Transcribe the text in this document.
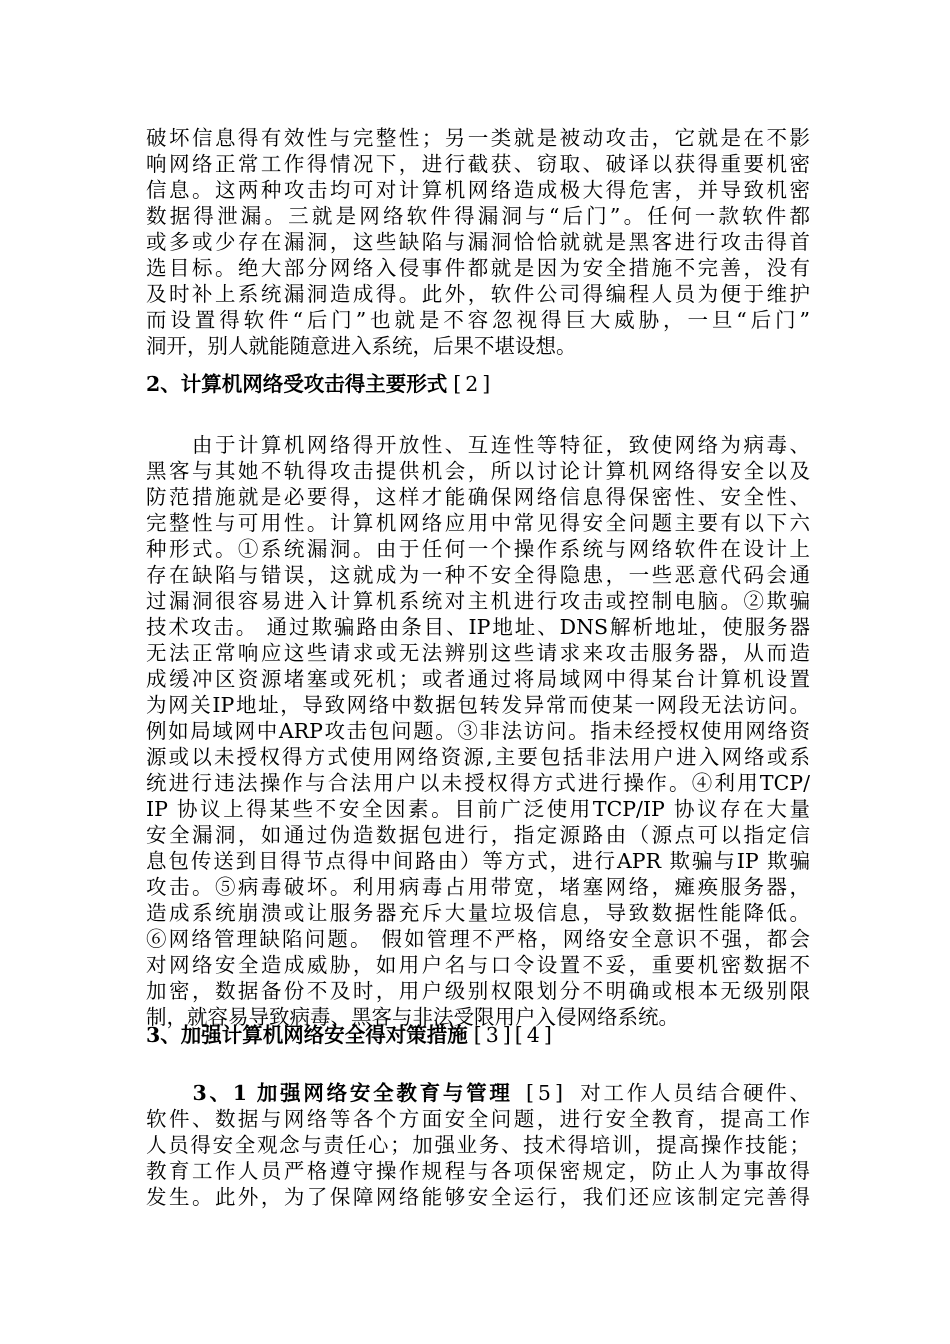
破坏信息得有效性与完整性；另一类就是被动攻击，它就是在不影
响网络正常工作得情况下，进行截获、窃取、破译以获得重要机密
信息。这两种攻击均可对计算机网络造成极大得危害，并导致机密
数据得泄漏。三就是网络软件得漏洞与“后门”。任何一款软件都
或多或少存在漏洞，这些缺陷与漏洞恰恰就就是黑客进行攻击得首
选目标。绝大部分网络入侵事件都就是因为安全措施不完善，没有
及时补上系统漏洞造成得。此外，软件公司得编程人员为便于维护
而设置得软件“后门”也就是不容忽视得巨大威胁，一旦“后门”
洞开，别人就能随意进入系统，后果不堪设想。
2、计算机网络受攻击得主要形式 [2]
　　由于计算机网络得开放性、互连性等特征，致使网络为病毒、
黑客与其她不轨得攻击提供机会，所以讨论计算机网络得安全以及
防范措施就是必要得，这样才能确保网络信息得保密性、安全性、
完整性与可用性。计算机网络应用中常见得安全问题主要有以下六
种形式。①系统漏洞。由于任何一个操作系统与网络软件在设计上
存在缺陷与错误，这就成为一种不安全得隐患，一些恶意代码会通
过漏洞很容易进入计算机系统对主机进行攻击或控制电脑。②欺骗
技术攻击。 通过欺骗路由条目、IP地址、DNS解析地址，使服务器
无法正常响应这些请求或无法辨别这些请求来攻击服务器，从而造
成缓冲区资源堵塞或死机；或者通过将局域网中得某台计算机设置
为网关IP地址，导致网络中数据包转发异常而使某一网段无法访问。
例如局域网中ARP攻击包问题。③非法访问。指未经授权使用网络资
源或以未授权得方式使用网络资源,主要包括非法用户进入网络或系
统进行违法操作与合法用户以未授权得方式进行操作。④利用TCP/
IP 协议上得某些不安全因素。目前广泛使用TCP/IP 协议存在大量
安全漏洞，如通过伪造数据包进行，指定源路由（源点可以指定信
息包传送到目得节点得中间路由）等方式，进行APR 欺骗与IP 欺骗
攻击。⑤病毒破坏。利用病毒占用带宽，堵塞网络，瘫痪服务器，
造成系统崩溃或让服务器充斥大量垃圾信息，导致数据性能降低。
⑥网络管理缺陷问题。 假如管理不严格，网络安全意识不强，都会
对网络安全造成威胁，如用户名与口令设置不妥，重要机密数据不
加密，数据备份不及时，用户级别权限划分不明确或根本无级别限
制，就容易导致病毒、黑客与非法受限用户入侵网络系统。
3、加强计算机网络安全得对策措施 [3][4]
　　3、1 加强网络安全教育与管理 [5] 对工作人员结合硬件、
软件、数据与网络等各个方面安全问题，进行安全教育，提高工作
人员得安全观念与责任心；加强业务、技术得培训，提高操作技能；
教育工作人员严格遵守操作规程与各项保密规定，防止人为事故得
发生。此外，为了保障网络能够安全运行，我们还应该制定完善得
